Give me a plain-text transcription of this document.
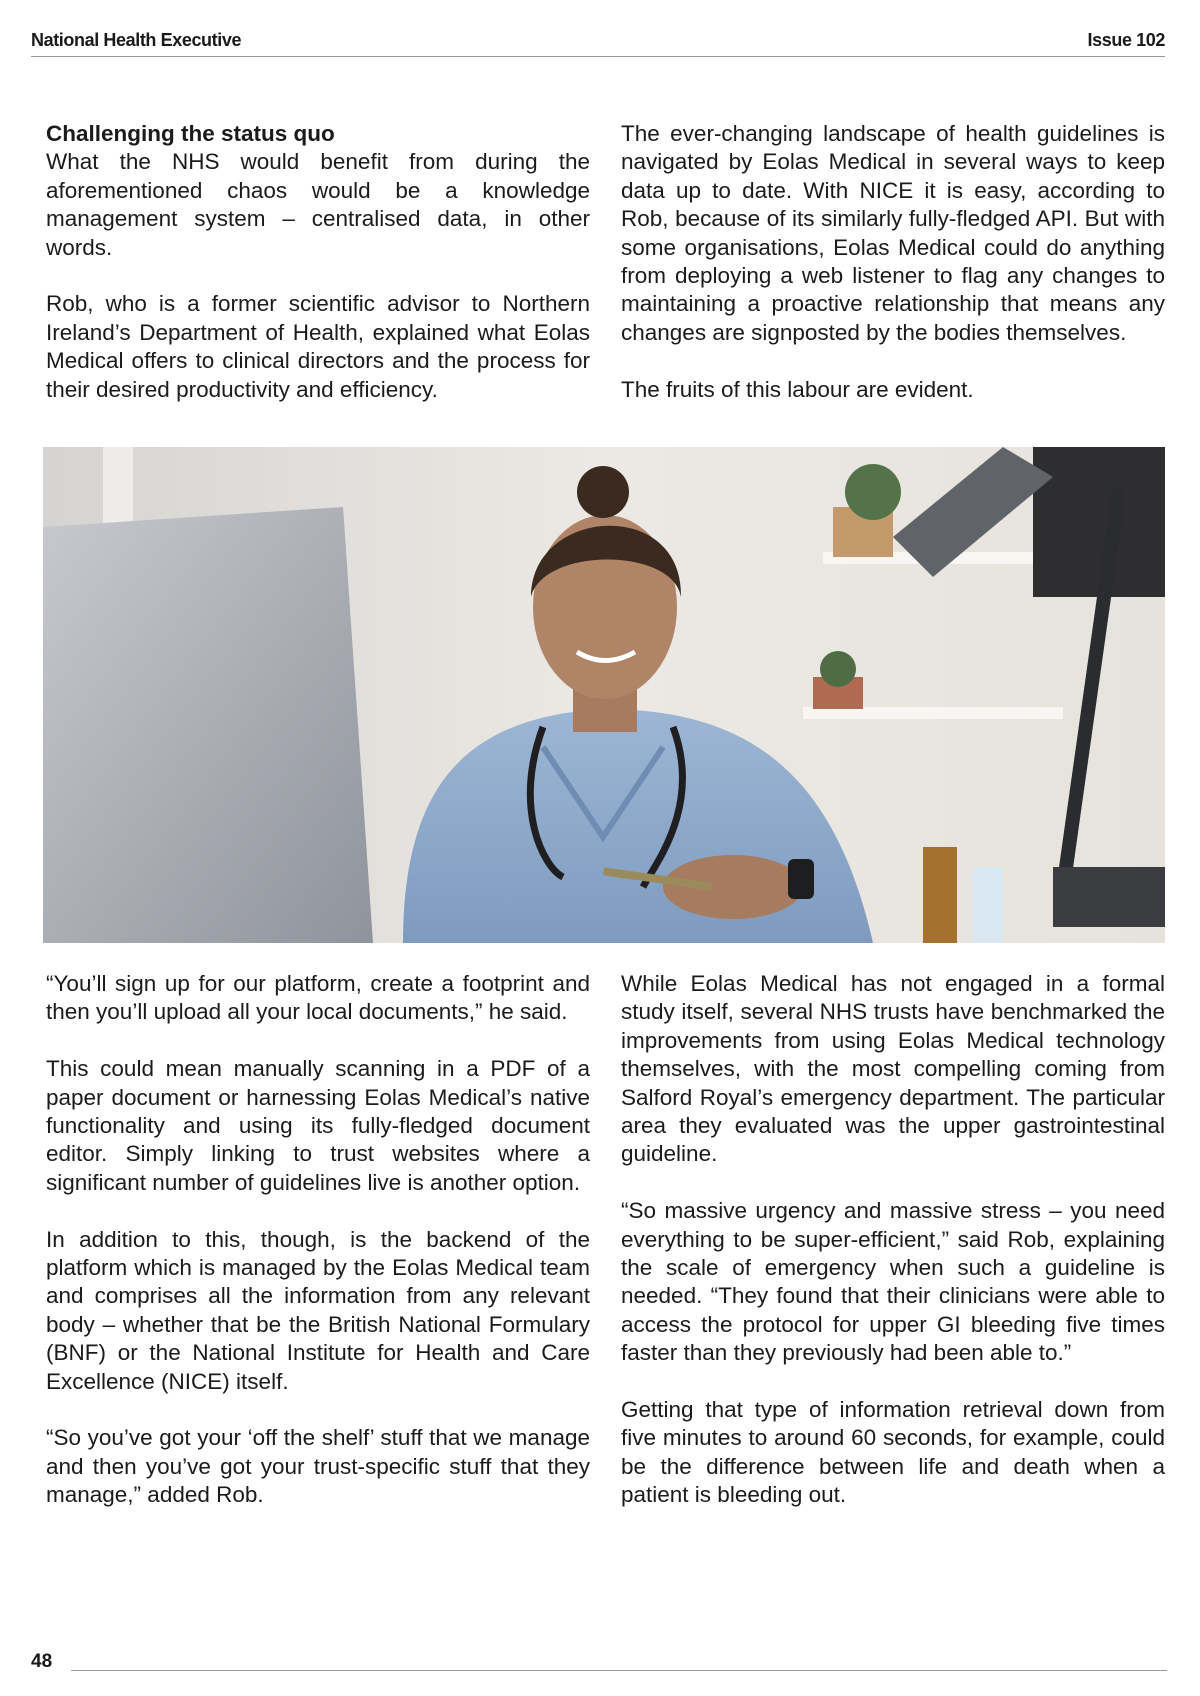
National Health Executive	Issue 102

Challenging the status quo
What the NHS would benefit from during the aforementioned chaos would be a knowledge management system – centralised data, in other words.

Rob, who is a former scientific advisor to Northern Ireland’s Department of Health, explained what Eolas Medical offers to clinical directors and the process for their desired productivity and efficiency.

The ever-changing landscape of health guidelines is navigated by Eolas Medical in several ways to keep data up to date. With NICE it is easy, according to Rob, because of its similarly fully-fledged API. But with some organisations, Eolas Medical could do anything from deploying a web listener to flag any changes to maintaining a proactive relationship that means any changes are signposted by the bodies themselves.

The fruits of this labour are evident.

“You’ll sign up for our platform, create a footprint and then you’ll upload all your local documents,” he said.

This could mean manually scanning in a PDF of a paper document or harnessing Eolas Medical’s native functionality and using its fully-fledged document editor. Simply linking to trust websites where a significant number of guidelines live is another option.

In addition to this, though, is the backend of the platform which is managed by the Eolas Medical team and comprises all the information from any relevant body – whether that be the British National Formulary (BNF) or the National Institute for Health and Care Excellence (NICE) itself.

“So you’ve got your ‘off the shelf’ stuff that we manage and then you’ve got your trust-specific stuff that they manage,” added Rob.

While Eolas Medical has not engaged in a formal study itself, several NHS trusts have benchmarked the improvements from using Eolas Medical technology themselves, with the most compelling coming from Salford Royal’s emergency department. The particular area they evaluated was the upper gastrointestinal guideline.

“So massive urgency and massive stress – you need everything to be super-efficient,” said Rob, explaining the scale of emergency when such a guideline is needed. “They found that their clinicians were able to access the protocol for upper GI bleeding five times faster than they previously had been able to.”

Getting that type of information retrieval down from five minutes to around 60 seconds, for example, could be the difference between life and death when a patient is bleeding out.

48
